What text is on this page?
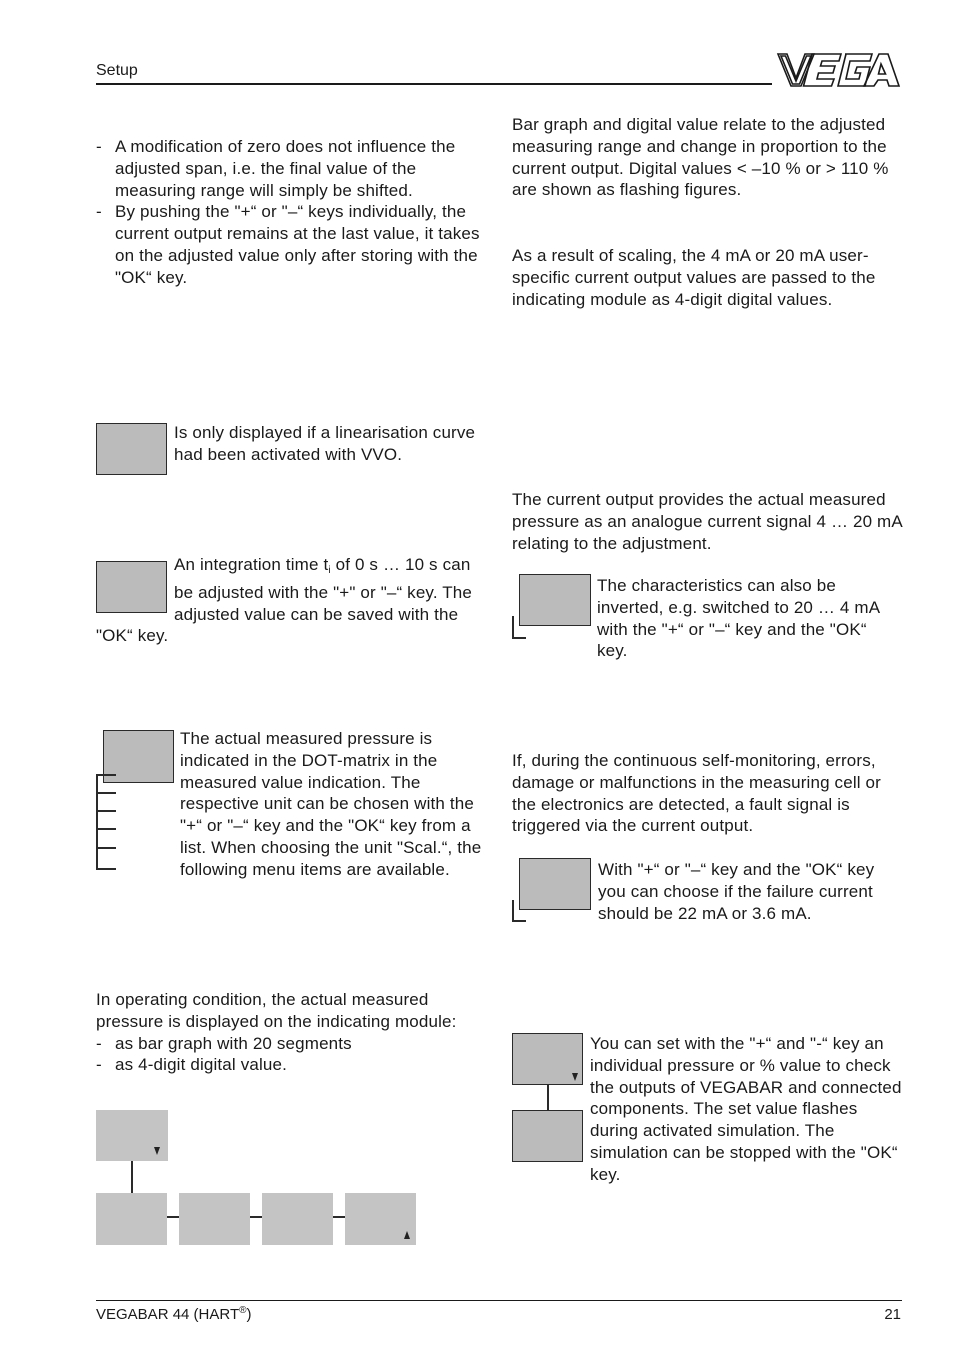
Setup
- A modification of zero does not influence the adjusted span, i.e. the final value of the measuring range will simply be shifted.
- By pushing the "+“ or "–“ keys individually, the current output remains at the last value, it takes on the adjusted value only after storing with the "OK“ key.
Is only displayed if a linearisation curve had been activated with VVO.
An integration time $t_i$ of 0 s … 10 s can be adjusted with the "+" or "–“ key. The adjusted value can be saved with the "OK“ key.
The actual measured pressure is indicated in the DOT-matrix in the measured value indication. The respective unit can be chosen with the "+“ or "–“ key and the "OK“ key from a list. When choosing the unit "Scal.“, the following menu items are available.
In operating condition, the actual measured pressure is displayed on the indicating module:
- as bar graph with 20 segments
- as 4-digit digital value.
Bar graph and digital value relate to the adjusted measuring range and change in proportion to the current output. Digital values < –10 % or > 110 % are shown as flashing figures.
As a result of scaling, the 4 mA or 20 mA user-specific current output values are passed to the indicating module as 4-digit digital values.
The current output provides the actual measured pressure as an analogue current signal 4 … 20 mA relating to the adjustment.
The characteristics can also be inverted, e.g. switched to 20 … 4 mA with the "+“ or "–“ key and the "OK“ key.
If, during the continuous self-monitoring, errors, damage or malfunctions in the measuring cell or the electronics are detected, a fault signal is triggered via the current output.
With "+“ or "–“ key and the "OK“ key you can choose if the failure current should be 22 mA or 3.6 mA.
You can set with the "+“ and "-“ key an individual pressure or % value to check the outputs of VEGABAR and connected components. The set value flashes during activated simulation. The simulation can be stopped with the "OK“ key.
VEGABAR 44 (HART®)	21
